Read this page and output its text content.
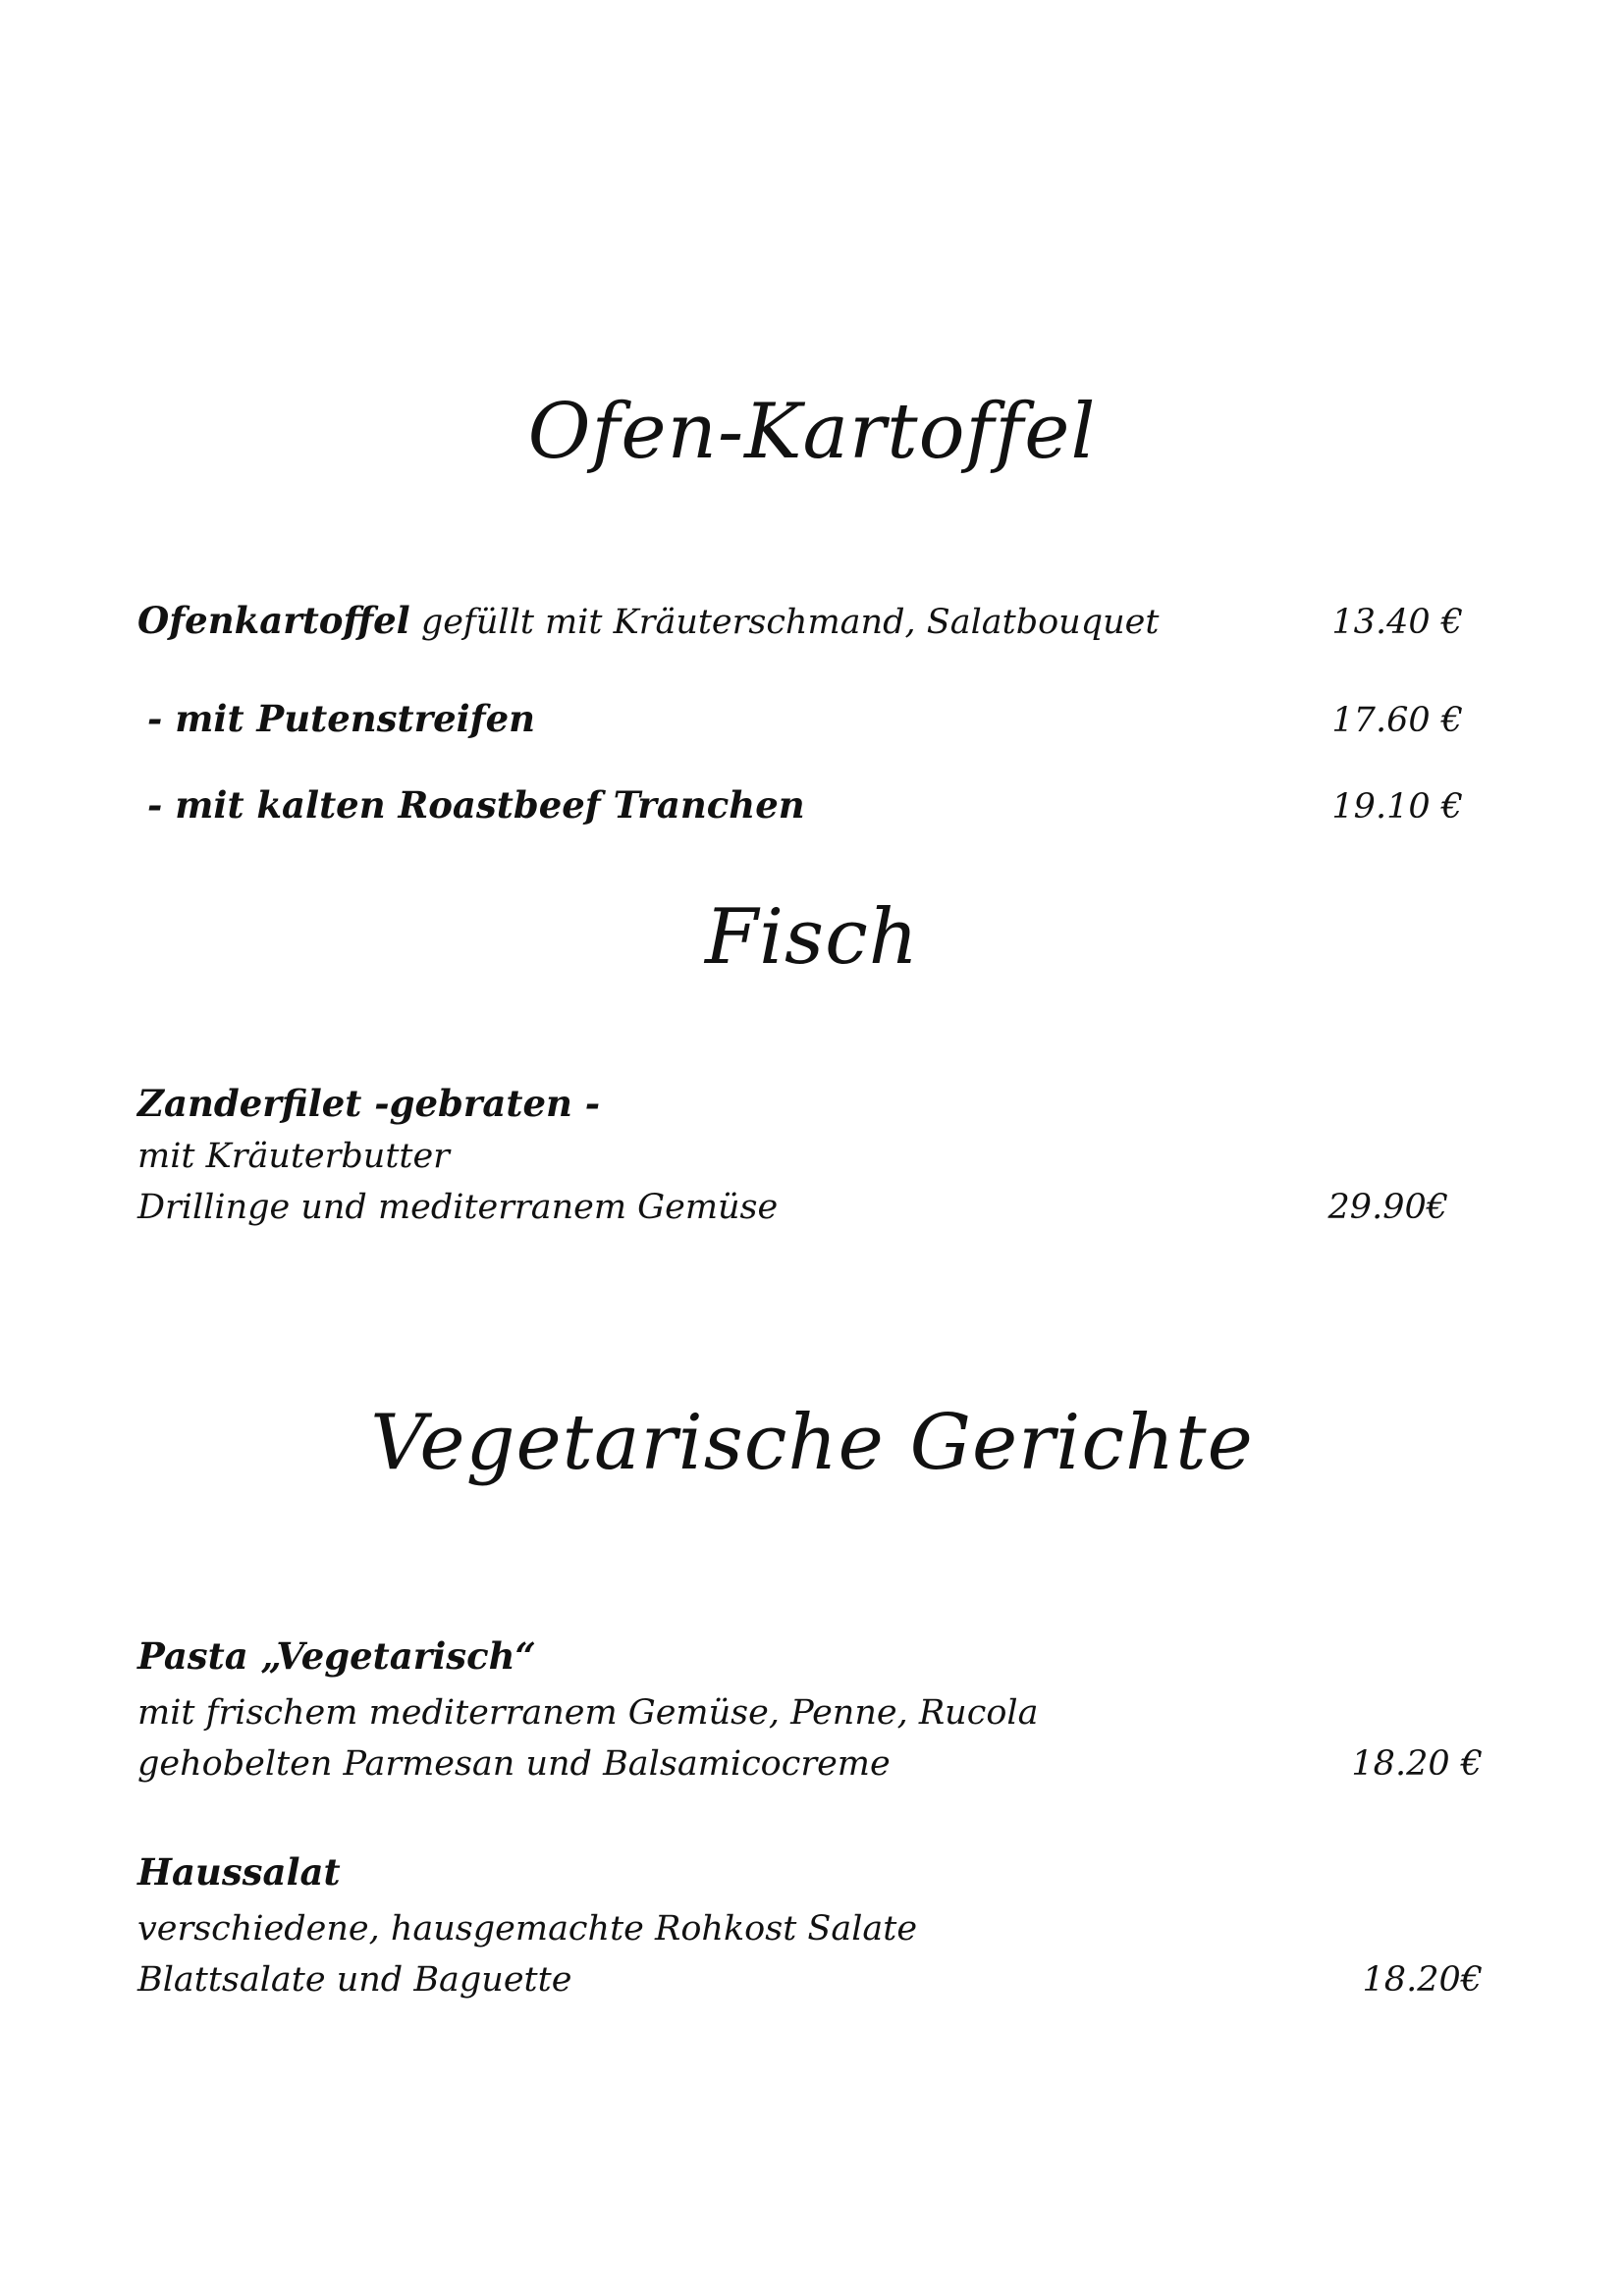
Ofen-Kartoffel
Ofenkartoffel gefüllt mit Kräuterschmand, Salatbouquet	13.40 €
- mit Putenstreifen	17.60 €
- mit kalten Roastbeef Tranchen	19.10 €
Fisch
Zanderfilet -gebraten -
mit Kräuterbutter
Drillinge und mediterranem Gemüse	29.90€
Vegetarische Gerichte
Pasta „Vegetarisch“
mit frischem mediterranem Gemüse, Penne, Rucola
gehobelten Parmesan und Balsamicocreme	18.20 €
Haussalat
verschiedene, hausgemachte Rohkost Salate
Blattsalate und Baguette	18.20€
